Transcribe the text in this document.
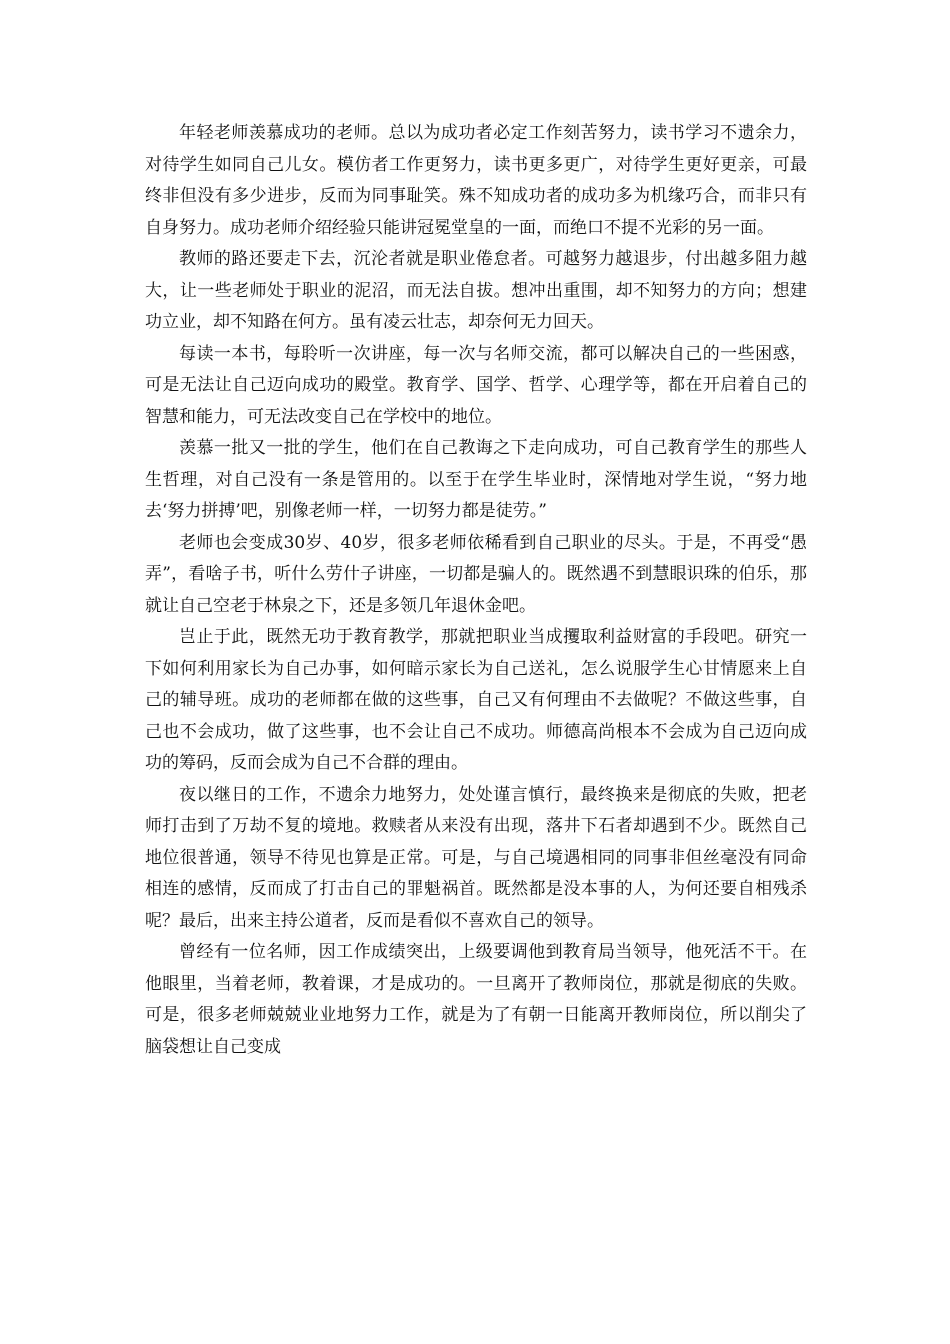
年轻老师羡慕成功的老师。总以为成功者必定工作刻苦努力，读书学习不遗余力，对待学生如同自己儿女。模仿者工作更努力，读书更多更广，对待学生更好更亲，可最终非但没有多少进步，反而为同事耻笑。殊不知成功者的成功多为机缘巧合，而非只有自身努力。成功老师介绍经验只能讲冠冕堂皇的一面，而绝口不提不光彩的另一面。

教师的路还要走下去，沉沦者就是职业倦怠者。可越努力越退步，付出越多阻力越大，让一些老师处于职业的泥沼，而无法自拔。想冲出重围，却不知努力的方向；想建功立业，却不知路在何方。虽有凌云壮志，却奈何无力回天。

每读一本书，每聆听一次讲座，每一次与名师交流，都可以解决自己的一些困惑，可是无法让自己迈向成功的殿堂。教育学、国学、哲学、心理学等，都在开启着自己的智慧和能力，可无法改变自己在学校中的地位。

羡慕一批又一批的学生，他们在自己教诲之下走向成功，可自己教育学生的那些人生哲理，对自己没有一条是管用的。以至于在学生毕业时，深情地对学生说，“努力地去‘努力拼搏’吧，别像老师一样，一切努力都是徒劳。”

老师也会变成30岁、40岁，很多老师依稀看到自己职业的尽头。于是，不再受“愚弄”，看啥子书，听什么劳什子讲座，一切都是骗人的。既然遇不到慧眼识珠的伯乐，那就让自己空老于林泉之下，还是多领几年退休金吧。

岂止于此，既然无功于教育教学，那就把职业当成攫取利益财富的手段吧。研究一下如何利用家长为自己办事，如何暗示家长为自己送礼，怎么说服学生心甘情愿来上自己的辅导班。成功的老师都在做的这些事，自己又有何理由不去做呢？不做这些事，自己也不会成功，做了这些事，也不会让自己不成功。师德高尚根本不会成为自己迈向成功的筹码，反而会成为自己不合群的理由。

夜以继日的工作，不遗余力地努力，处处谨言慎行，最终换来是彻底的失败，把老师打击到了万劫不复的境地。救赎者从来没有出现，落井下石者却遇到不少。既然自己地位很普通，领导不待见也算是正常。可是，与自己境遇相同的同事非但丝毫没有同命相连的感情，反而成了打击自己的罪魁祸首。既然都是没本事的人，为何还要自相残杀呢？最后，出来主持公道者，反而是看似不喜欢自己的领导。

曾经有一位名师，因工作成绩突出，上级要调他到教育局当领导，他死活不干。在他眼里，当着老师，教着课，才是成功的。一旦离开了教师岗位，那就是彻底的失败。可是，很多老师兢兢业业地努力工作，就是为了有朝一日能离开教师岗位，所以削尖了脑袋想让自己变成
